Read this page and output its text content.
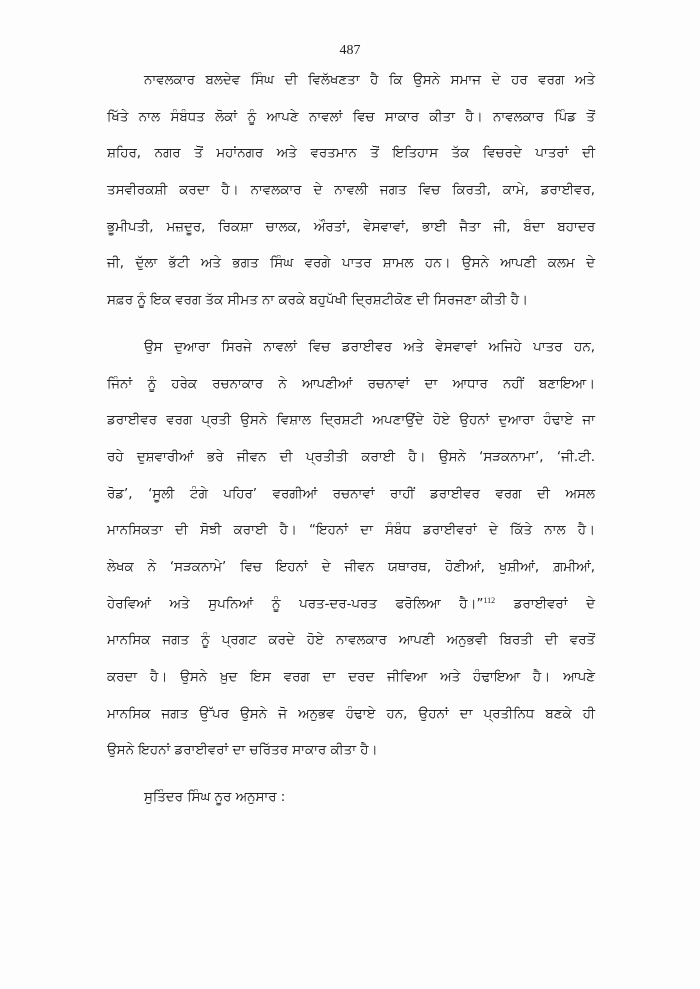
487
ਨਾਵਲਕਾਰ ਬਲਦੇਵ ਸਿੰਘ ਦੀ ਵਿਲੱਖਣਤਾ ਹੈ ਕਿ ਉਸਨੇ ਸਮਾਜ ਦੇ ਹਰ ਵਰਗ ਅਤੇ
ਖਿੱਤੇ ਨਾਲ ਸੰਬੰਧਤ ਲੋਕਾਂ ਨੂੰ ਆਪਣੇ ਨਾਵਲਾਂ ਵਿਚ ਸਾਕਾਰ ਕੀਤਾ ਹੈ। ਨਾਵਲਕਾਰ ਪਿੰਡ ਤੋਂ
ਸ਼ਹਿਰ, ਨਗਰ ਤੋਂ ਮਹਾਂਨਗਰ ਅਤੇ ਵਰਤਮਾਨ ਤੋਂ ਇਤਿਹਾਸ ਤੱਕ ਵਿਚਰਦੇ ਪਾਤਰਾਂ ਦੀ
ਤਸਵੀਰਕਸ਼ੀ ਕਰਦਾ ਹੈ। ਨਾਵਲਕਾਰ ਦੇ ਨਾਵਲੀ ਜਗਤ ਵਿਚ ਕਿਰਤੀ, ਕਾਮੇ, ਡਰਾਈਵਰ,
ਭੂਮੀਪਤੀ, ਮਜ਼ਦੂਰ, ਰਿਕਸ਼ਾ ਚਾਲਕ, ਔਰਤਾਂ, ਵੇਸਵਾਵਾਂ, ਭਾਈ ਜੈਤਾ ਜੀ, ਬੰਦਾ ਬਹਾਦਰ
ਜੀ, ਦੁੱਲਾ ਭੱਟੀ ਅਤੇ ਭਗਤ ਸਿੰਘ ਵਰਗੇ ਪਾਤਰ ਸ਼ਾਮਲ ਹਨ। ਉਸਨੇ ਆਪਣੀ ਕਲਮ ਦੇ
ਸਫ਼ਰ ਨੂੰ ਇਕ ਵਰਗ ਤੱਕ ਸੀਮਤ ਨਾ ਕਰਕੇ ਬਹੁਪੱਖੀ ਦ੍ਰਿਸ਼ਟੀਕੋਣ ਦੀ ਸਿਰਜਣਾ ਕੀਤੀ ਹੈ।
ਉਸ ਦੁਆਰਾ ਸਿਰਜੇ ਨਾਵਲਾਂ ਵਿਚ ਡਰਾਈਵਰ ਅਤੇ ਵੇਸਵਾਵਾਂ ਅਜਿਹੇ ਪਾਤਰ ਹਨ,
ਜਿੰਨਾਂ ਨੂੰ ਹਰੇਕ ਰਚਨਾਕਾਰ ਨੇ ਆਪਣੀਆਂ ਰਚਨਾਵਾਂ ਦਾ ਆਧਾਰ ਨਹੀਂ ਬਣਾਇਆ।
ਡਰਾਈਵਰ ਵਰਗ ਪ੍ਰਤੀ ਉਸਨੇ ਵਿਸ਼ਾਲ ਦ੍ਰਿਸ਼ਟੀ ਅਪਣਾਉਂਦੇ ਹੋਏ ਉਹਨਾਂ ਦੁਆਰਾ ਹੰਢਾਏ ਜਾ
ਰਹੇ ਦੁਸ਼ਵਾਰੀਆਂ ਭਰੇ ਜੀਵਨ ਦੀ ਪ੍ਰਤੀਤੀ ਕਰਾਈ ਹੈ। ਉਸਨੇ ‘ਸੜਕਨਾਮਾ’, ‘ਜੀ.ਟੀ.
ਰੋਡ’, ‘ਸੂਲੀ ਟੰਗੇ ਪਹਿਰ’ ਵਰਗੀਆਂ ਰਚਨਾਵਾਂ ਰਾਹੀਂ ਡਰਾਈਵਰ ਵਰਗ ਦੀ ਅਸਲ
ਮਾਨਸਿਕਤਾ ਦੀ ਸੋਝੀ ਕਰਾਈ ਹੈ। “ਇਹਨਾਂ ਦਾ ਸੰਬੰਧ ਡਰਾਈਵਰਾਂ ਦੇ ਕਿੱਤੇ ਨਾਲ ਹੈ।
ਲੇਖਕ ਨੇ ‘ਸੜਕਨਾਮੇ’ ਵਿਚ ਇਹਨਾਂ ਦੇ ਜੀਵਨ ਯਥਾਰਥ, ਹੋਣੀਆਂ, ਖੁਸ਼ੀਆਂ, ਗ਼ਮੀਆਂ,
ਹੇਰਵਿਆਂ ਅਤੇ ਸੁਪਨਿਆਂ ਨੂੰ ਪਰਤ-ਦਰ-ਪਰਤ ਫਰੋਲਿਆ ਹੈ।”$^{112}$ ਡਰਾਈਵਰਾਂ ਦੇ
ਮਾਨਸਿਕ ਜਗਤ ਨੂੰ ਪ੍ਰਗਟ ਕਰਦੇ ਹੋਏ ਨਾਵਲਕਾਰ ਆਪਣੀ ਅਨੁਭਵੀ ਬਿਰਤੀ ਦੀ ਵਰਤੋਂ
ਕਰਦਾ ਹੈ। ਉਸਨੇ ਖ਼ੁਦ ਇਸ ਵਰਗ ਦਾ ਦਰਦ ਜੀਵਿਆ ਅਤੇ ਹੰਢਾਇਆ ਹੈ। ਆਪਣੇ
ਮਾਨਸਿਕ ਜਗਤ ਉੱਪਰ ਉਸਨੇ ਜੋ ਅਨੁਭਵ ਹੰਢਾਏ ਹਨ, ਉਹਨਾਂ ਦਾ ਪ੍ਰਤੀਨਿਧ ਬਣਕੇ ਹੀ
ਉਸਨੇ ਇਹਨਾਂ ਡਰਾਈਵਰਾਂ ਦਾ ਚਰਿੱਤਰ ਸਾਕਾਰ ਕੀਤਾ ਹੈ।
ਸੁਤਿੰਦਰ ਸਿੰਘ ਨੂਰ ਅਨੁਸਾਰ :
